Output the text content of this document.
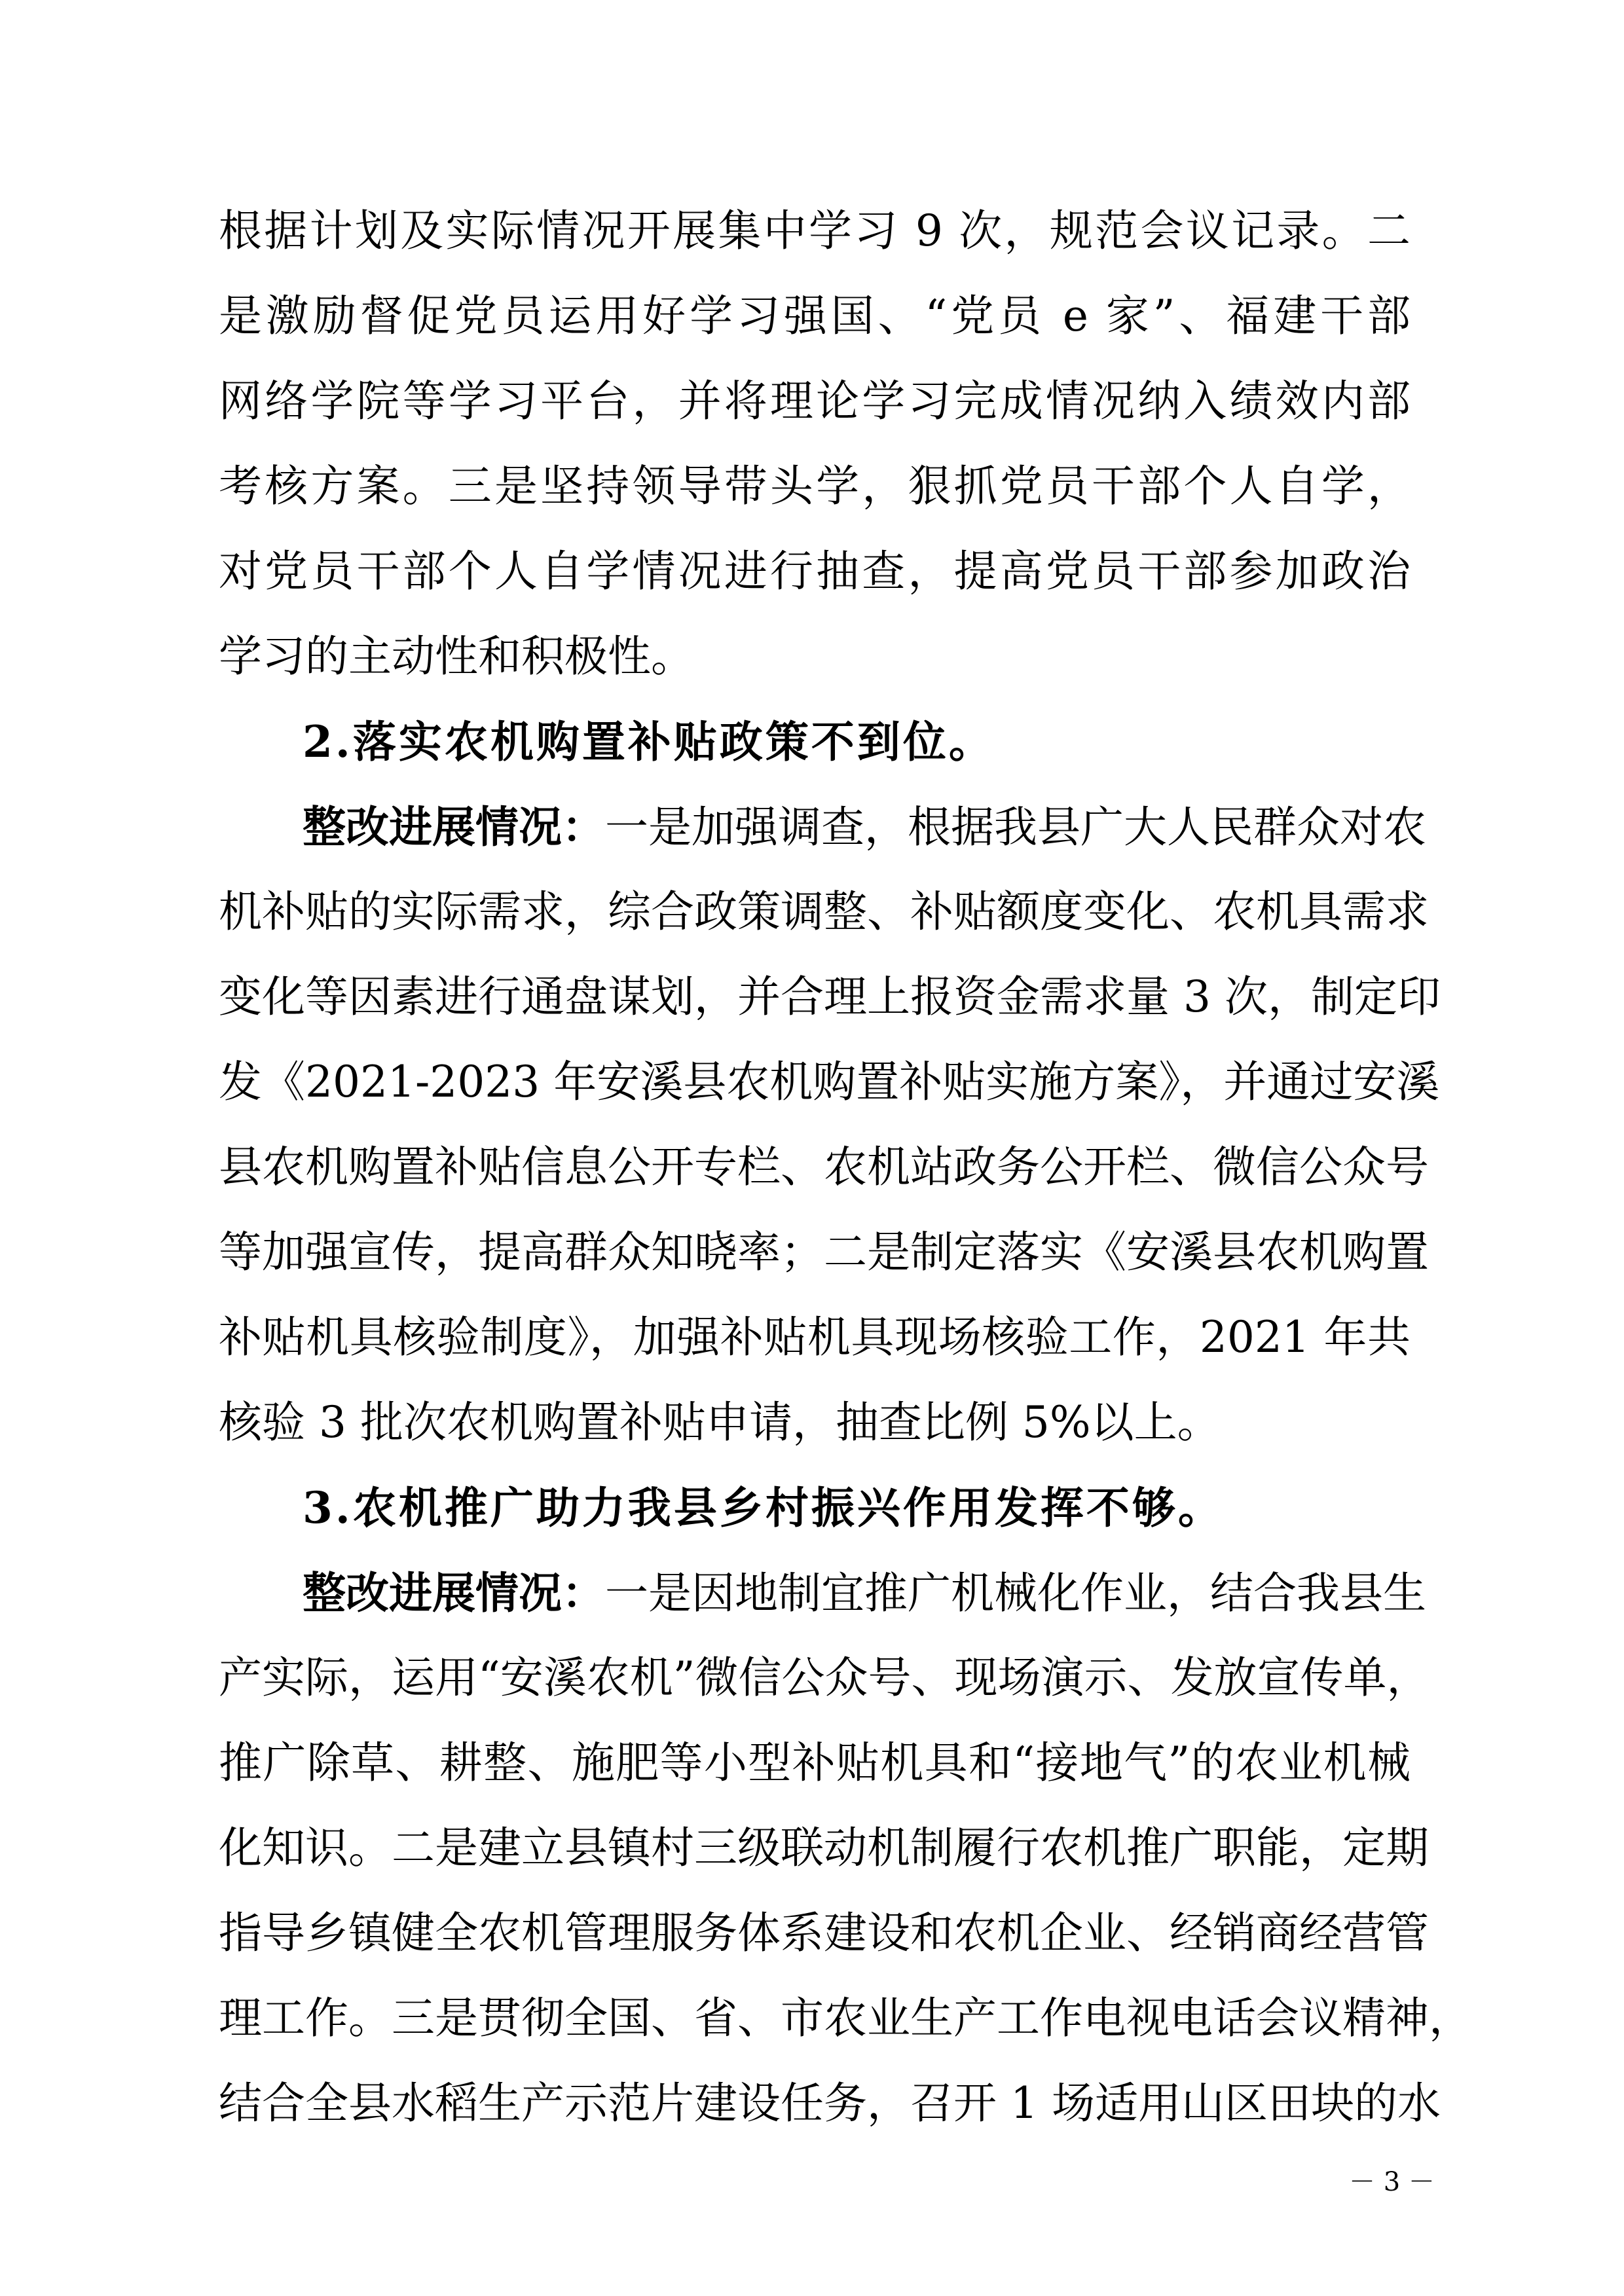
根据计划及实际情况开展集中学习 9 次，规范会议记录。二
是激励督促党员运用好学习强国、“党员 e 家”、福建干部
网络学院等学习平台，并将理论学习完成情况纳入绩效内部
考核方案。三是坚持领导带头学，狠抓党员干部个人自学，
对党员干部个人自学情况进行抽查，提高党员干部参加政治
学习的主动性和积极性。
2.落实农机购置补贴政策不到位。
整改进展情况：一是加强调查，根据我县广大人民群众对农
机补贴的实际需求，综合政策调整、补贴额度变化、农机具需求
变化等因素进行通盘谋划，并合理上报资金需求量 3 次，制定印
发《2021-2023 年安溪县农机购置补贴实施方案》，并通过安溪
县农机购置补贴信息公开专栏、农机站政务公开栏、微信公众号
等加强宣传，提高群众知晓率；二是制定落实《安溪县农机购置
补贴机具核验制度》，加强补贴机具现场核验工作，2021 年共
核验 3 批次农机购置补贴申请，抽查比例 5%以上。
3.农机推广助力我县乡村振兴作用发挥不够。
整改进展情况：一是因地制宜推广机械化作业，结合我县生
产实际，运用“安溪农机”微信公众号、现场演示、发放宣传单，
推广除草、耕整、施肥等小型补贴机具和“接地气”的农业机械
化知识。二是建立县镇村三级联动机制履行农机推广职能，定期
指导乡镇健全农机管理服务体系建设和农机企业、经销商经营管
理工作。三是贯彻全国、省、市农业生产工作电视电话会议精神，
结合全县水稻生产示范片建设任务，召开 1 场适用山区田块的水
－ 3 －
